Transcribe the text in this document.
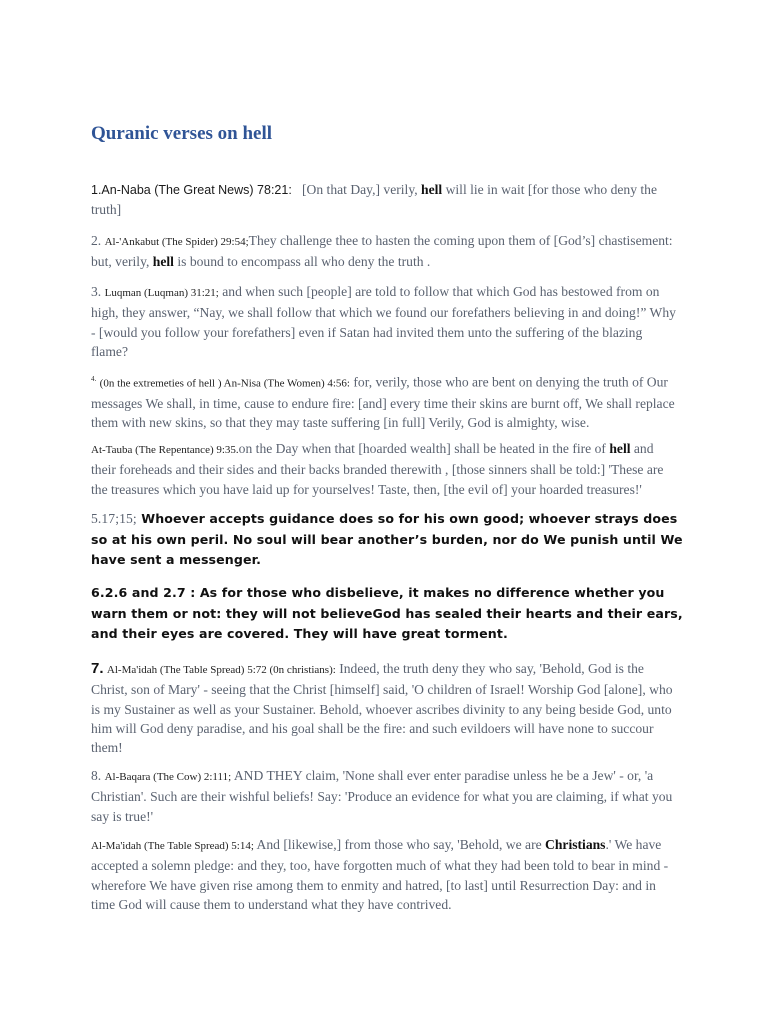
Quranic verses on hell
1.An-Naba (The Great News) 78:21: [On that Day,] verily, hell will lie in wait [for those who deny the truth]
2. Al-'Ankabut (The Spider) 29:54;They challenge thee to hasten the coming upon them of [God’s] chastisement: but, verily, hell is bound to encompass all who deny the truth .
3. Luqman (Luqman) 31:21; and when such [people] are told to follow that which God has bestowed from on high, they answer, “Nay, we shall follow that which we found our forefathers believing in and doing!” Why - [would you follow your forefathers] even if Satan had invited them unto the suffering of the blazing flame?
$^{4.}$ (0n the extremeties of hell ) An-Nisa (The Women) 4:56: for, verily, those who are bent on denying the truth of Our messages We shall, in time, cause to endure fire: [and] every time their skins are burnt off, We shall replace them with new skins, so that they may taste suffering [in full] Verily, God is almighty, wise.
At-Tauba (The Repentance) 9:35.on the Day when that [hoarded wealth] shall be heated in the fire of hell and their foreheads and their sides and their backs branded therewith , [those sinners shall be told:] 'These are the treasures which you have laid up for yourselves! Taste, then, [the evil of] your hoarded treasures!'
5.17;15; Whoever accepts guidance does so for his own good; whoever strays does so at his own peril. No soul will bear another’s burden, nor do We punish until We have sent a messenger.
6.2.6 and 2.7 : As for those who disbelieve, it makes no difference whether you warn them or not: they will not believeGod has sealed their hearts and their ears, and their eyes are covered. They will have great torment.
7. Al-Ma'idah (The Table Spread) 5:72 (0n christians): Indeed, the truth deny they who say, 'Behold, God is the Christ, son of Mary' - seeing that the Christ [himself] said, 'O children of Israel! Worship God [alone], who is my Sustainer as well as your Sustainer. Behold, whoever ascribes divinity to any being beside God, unto him will God deny paradise, and his goal shall be the fire: and such evildoers will have none to succour them!
8. Al-Baqara (The Cow) 2:111; AND THEY claim, 'None shall ever enter paradise unless he be a Jew' - or, 'a Christian'. Such are their wishful beliefs! Say: 'Produce an evidence for what you are claiming, if what you say is true!'
Al-Ma'idah (The Table Spread) 5:14; And [likewise,] from those who say, 'Behold, we are Christians.' We have accepted a solemn pledge: and they, too, have forgotten much of what they had been told to bear in mind - wherefore We have given rise among them to enmity and hatred, [to last] until Resurrection Day: and in time God will cause them to understand what they have contrived.
